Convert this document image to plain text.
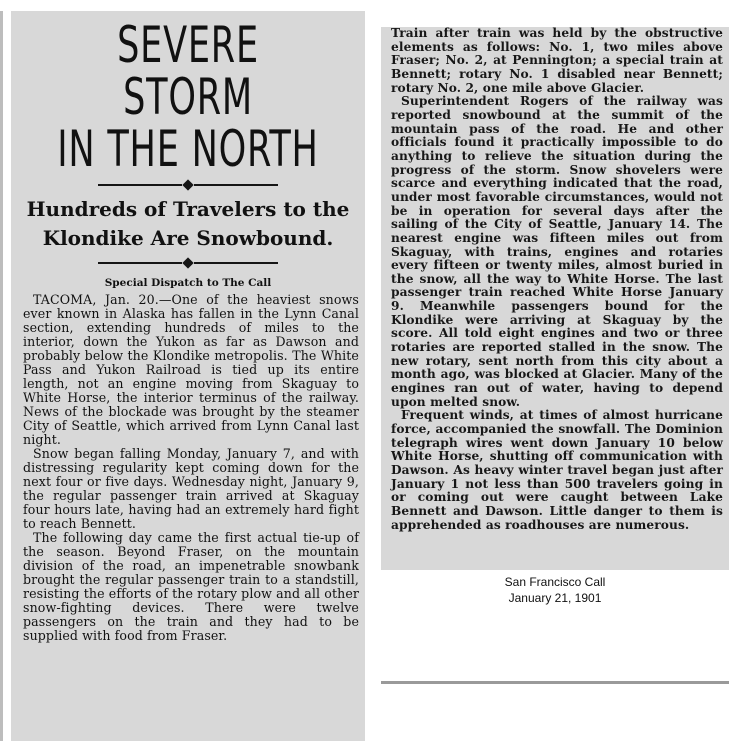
SEVERE STORM
IN THE NORTH
Hundreds of Travelers to the Klondike Are Snowbound.
Special Dispatch to The Call

TACOMA, Jan. 20.—One of the heaviest snows ever known in Alaska has fallen in the Lynn Canal section, extending hundreds of miles to the interior, down the Yukon as far as Dawson and probably below the Klondike metropolis. The White Pass and Yukon Railroad is tied up its entire length, not an engine moving from Skaguay to White Horse, the interior terminus of the railway. News of the blockade was brought by the steamer City of Seattle, which arrived from Lynn Canal last night.

Snow began falling Monday, January 7, and with distressing regularity kept coming down for the next four or five days. Wednesday night, January 9, the regular passenger train arrived at Skaguay four hours late, having had an extremely hard fight to reach Bennett.

The following day came the first actual tie-up of the season. Beyond Fraser, on the mountain division of the road, an impenetrable snowbank brought the regular passenger train to a standstill, resisting the efforts of the rotary plow and all other snow-fighting devices. There were twelve passengers on the train and they had to be supplied with food from Fraser.

Train after train was held by the obstructive elements as follows: No. 1, two miles above Fraser; No. 2, at Pennington; a special train at Bennett; rotary No. 1 disabled near Bennett; rotary No. 2, one mile above Glacier.

Superintendent Rogers of the railway was reported snowbound at the summit of the mountain pass of the road. He and other officials found it practically impossible to do anything to relieve the situation during the progress of the storm. Snow shovelers were scarce and everything indicated that the road, under most favorable circumstances, would not be in operation for several days after the sailing of the City of Seattle, January 14. The nearest engine was fifteen miles out from Skaguay, with trains, engines and rotaries every fifteen or twenty miles, almost buried in the snow, all the way to White Horse. The last passenger train reached White Horse January 9. Meanwhile passengers bound for the Klondike were arriving at Skaguay by the score. All told eight engines and two or three rotaries are reported stalled in the snow. The new rotary, sent north from this city about a month ago, was blocked at Glacier. Many of the engines ran out of water, having to depend upon melted snow.

Frequent winds, at times of almost hurricane force, accompanied the snowfall. The Dominion telegraph wires went down January 10 below White Horse, shutting off communication with Dawson. As heavy winter travel began just after January 1 not less than 500 travelers going in or coming out were caught between Lake Bennett and Dawson. Little danger to them is apprehended as roadhouses are numerous.

San Francisco Call
January 21, 1901
